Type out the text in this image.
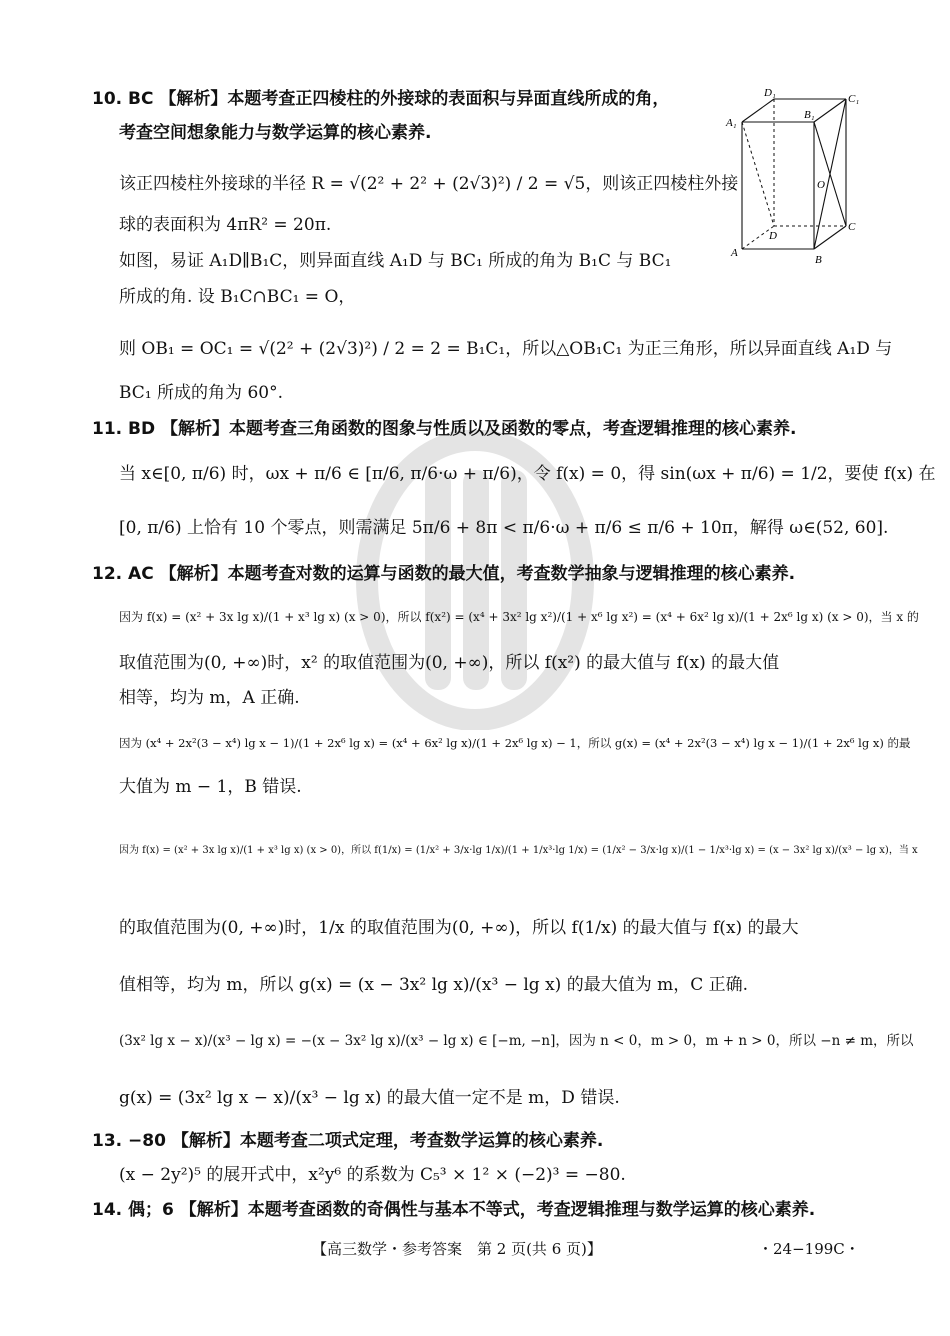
10. BC 【解析】本题考查正四棱柱的外接球的表面积与异面直线所成的角，
考查空间想象能力与数学运算的核心素养.
该正四棱柱外接球的半径 R = √(2² + 2² + (2√3)²) / 2 = √5，则该正四棱柱外接
球的表面积为 4πR² = 20π.
如图，易证 A₁D∥B₁C，则异面直线 A₁D 与 BC₁ 所成的角为 B₁C 与 BC₁
所成的角. 设 B₁C∩BC₁ = O，
则 OB₁ = OC₁ = √(2² + (2√3)²) / 2 = 2 = B₁C₁，所以△OB₁C₁ 为正三角形，所以异面直线 A₁D 与
BC₁ 所成的角为 60°.
D₁	C₁
A₁
B₁
O
D
C
A
B
11. BD 【解析】本题考查三角函数的图象与性质以及函数的零点，考查逻辑推理的核心素养.
当 x∈[0, π/6) 时，ωx + π/6 ∈ [π/6, π/6·ω + π/6)，令 f(x) = 0，得 sin(ωx + π/6) = 1/2，要使 f(x) 在
[0, π/6) 上恰有 10 个零点，则需满足 5π/6 + 8π < π/6·ω + π/6 ≤ π/6 + 10π，解得 ω∈(52, 60].
12. AC 【解析】本题考查对数的运算与函数的最大值，考查数学抽象与逻辑推理的核心素养.
因为 f(x) = (x² + 3x lg x)/(1 + x³ lg x) (x > 0)，所以 f(x²) = (x⁴ + 3x² lg x²)/(1 + x⁶ lg x²) = (x⁴ + 6x² lg x)/(1 + 2x⁶ lg x) (x > 0)，当 x 的
取值范围为(0, +∞)时，x² 的取值范围为(0, +∞)，所以 f(x²) 的最大值与 f(x) 的最大值
相等，均为 m，A 正确.
因为 (x⁴ + 2x²(3 − x⁴) lg x − 1)/(1 + 2x⁶ lg x) = (x⁴ + 6x² lg x)/(1 + 2x⁶ lg x) − 1，所以 g(x) = (x⁴ + 2x²(3 − x⁴) lg x − 1)/(1 + 2x⁶ lg x) 的最
大值为 m − 1，B 错误.
因为 f(x) = (x² + 3x lg x)/(1 + x³ lg x) (x > 0)，所以 f(1/x) = (1/x² + 3/x·lg 1/x)/(1 + 1/x³·lg 1/x) = (1/x² − 3/x·lg x)/(1 − 1/x³·lg x) = (x − 3x² lg x)/(x³ − lg x)，当 x
的取值范围为(0, +∞)时，1/x 的取值范围为(0, +∞)，所以 f(1/x) 的最大值与 f(x) 的最大
值相等，均为 m，所以 g(x) = (x − 3x² lg x)/(x³ − lg x) 的最大值为 m，C 正确.
(3x² lg x − x)/(x³ − lg x) = −(x − 3x² lg x)/(x³ − lg x) ∈ [−m, −n]，因为 n < 0，m > 0，m + n > 0，所以 −n ≠ m，所以
g(x) = (3x² lg x − x)/(x³ − lg x) 的最大值一定不是 m，D 错误.
13. −80 【解析】本题考查二项式定理，考查数学运算的核心素养.
(x − 2y²)⁵ 的展开式中，x²y⁶ 的系数为 C₅³ × 1² × (−2)³ = −80.
14. 偶；6 【解析】本题考查函数的奇偶性与基本不等式，考查逻辑推理与数学运算的核心素养.
【高三数学・参考答案　第 2 页(共 6 页)】	・24−199C・
